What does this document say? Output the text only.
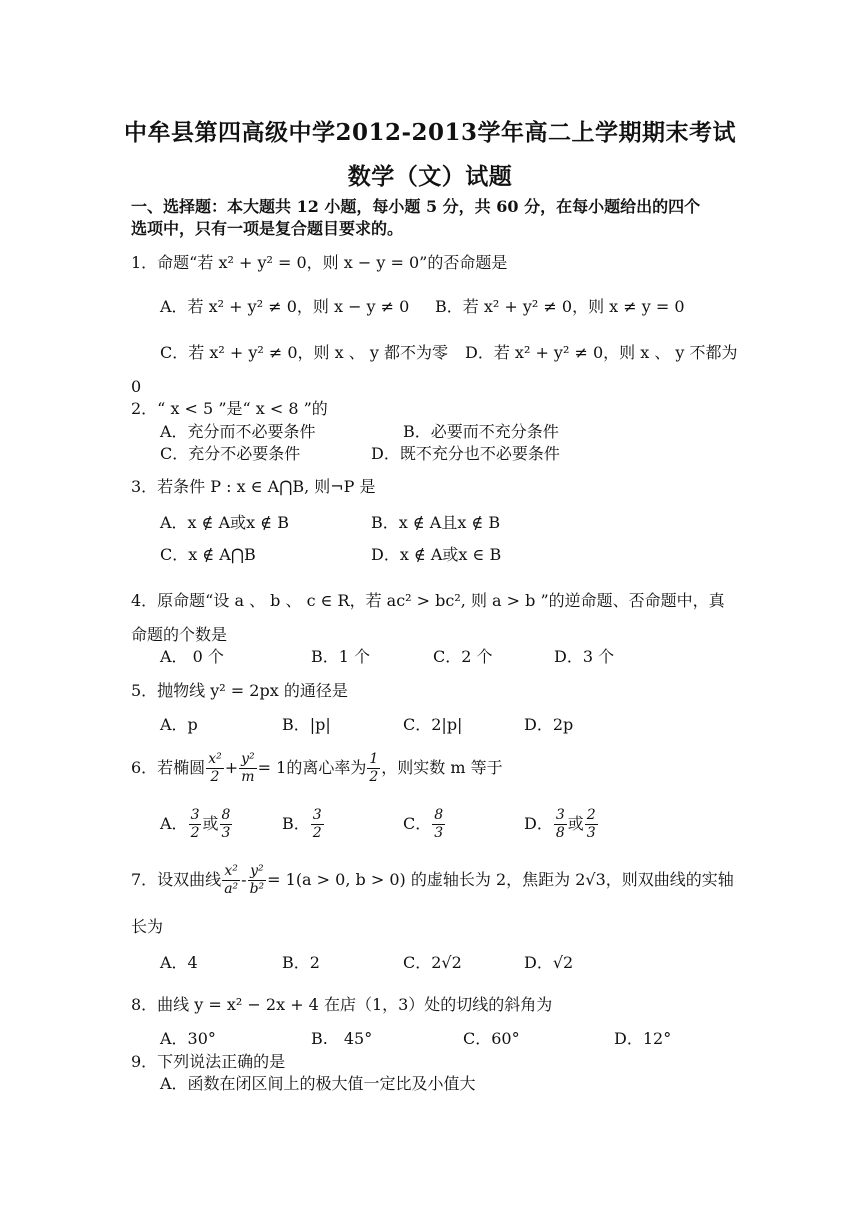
中牟县第四高级中学2012-2013学年高二上学期期末考试
数学（文）试题
一、选择题：本大题共 12 小题，每小题 5 分，共 60 分，在每小题给出的四个
选项中，只有一项是复合题目要求的。
1．命题“若 x² + y² = 0，则 x − y = 0”的否命题是
A．若 x² + y² ≠ 0，则 x − y ≠ 0 B．若 x² + y² ≠ 0，则 x ≠ y = 0
C．若 x² + y² ≠ 0，则 x 、 y 都不为零 D．若 x² + y² ≠ 0，则 x 、 y 不都为
0
2．“ x < 5 ”是“ x < 8 ”的
A．充分而不必要条件	B．必要而不充分条件
C．充分不必要条件	D．既不充分也不必要条件
3．若条件 P : x ∈ A⋂B, 则¬P 是
A．x ∉ A或x ∉ B	B．x ∉ A且x ∉ B
C．x ∉ A⋂B	D．x ∉ A或x ∈ B
4．原命题“设 a 、 b 、 c ∈ R，若 ac² > bc², 则 a > b ”的逆命题、否命题中，真
命题的个数是
A． 0 个	B．1 个	C．2 个	D．3 个
5．抛物线 y² = 2px 的通径是
A．p	B．|p|	C．2|p|	D．2p
6．若椭圆 $\frac{\text{x²}}{2} + \frac{\text{y²}}{m} = 1$的离心率为 $\frac{1}{2}$ ，则实数 m 等于
A． $\frac{3}{2}$ 或 $\frac{8}{3}$	B． $\frac{3}{2}$	C． $\frac{8}{3}$	D． $\frac{3}{8}$ 或 $\frac{2}{3}$
7．设双曲线 $\frac{\text{x²}}{\text{a²}} - \frac{\text{y²}}{\text{b²}} = 1(a > 0$, b > 0) 的虚轴长为 2，焦距为 2√3，则双曲线的实轴
长为
A．4	B．2	C．2√2	D．√2
8．曲线 y = x² − 2x + 4 在店（1，3）处的切线的斜角为
A．30°	B.　45°	C．60°	D．12°
9．下列说法正确的是
A．函数在闭区间上的极大值一定比及小值大
